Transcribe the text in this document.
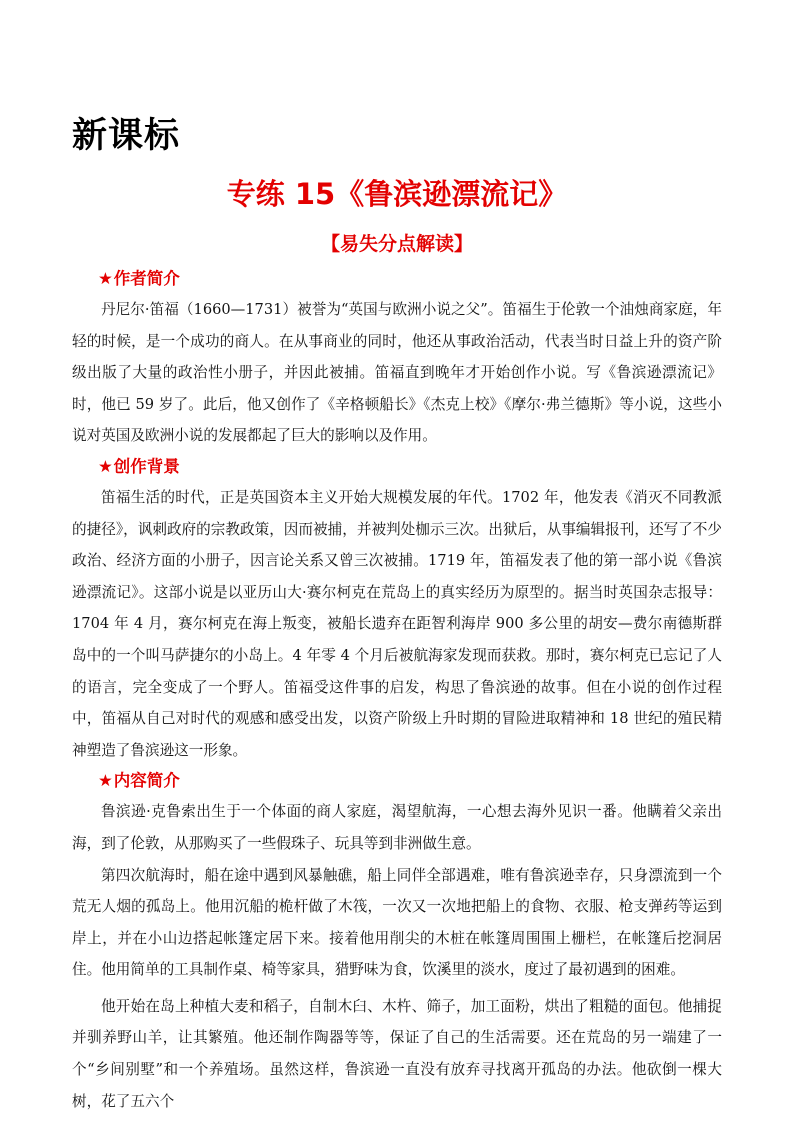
新课标
专练 15《鲁滨逊漂流记》
【易失分点解读】
★作者简介

丹尼尔·笛福（1660—1731）被誉为“英国与欧洲小说之父”。笛福生于伦敦一个油烛商家庭，年轻的时候，是一个成功的商人。在从事商业的同时，他还从事政治活动，代表当时日益上升的资产阶级出版了大量的政治性小册子，并因此被捕。笛福直到晚年才开始创作小说。写《鲁滨逊漂流记》时，他已 59 岁了。此后，他又创作了《辛格顿船长》《杰克上校》《摩尔·弗兰德斯》等小说，这些小说对英国及欧洲小说的发展都起了巨大的影响以及作用。

★创作背景

笛福生活的时代，正是英国资本主义开始大规模发展的年代。1702 年，他发表《消灭不同教派的捷径》，讽刺政府的宗教政策，因而被捕，并被判处枷示三次。出狱后，从事编辑报刊，还写了不少政治、经济方面的小册子，因言论关系又曾三次被捕。1719 年，笛福发表了他的第一部小说《鲁滨逊漂流记》。这部小说是以亚历山大·赛尔柯克在荒岛上的真实经历为原型的。据当时英国杂志报导：1704 年 4 月，赛尔柯克在海上叛变，被船长遗弃在距智利海岸 900 多公里的胡安—费尔南德斯群岛中的一个叫马萨捷尔的小岛上。4 年零 4 个月后被航海家发现而获救。那时，赛尔柯克已忘记了人的语言，完全变成了一个野人。笛福受这件事的启发，构思了鲁滨逊的故事。但在小说的创作过程中，笛福从自己对时代的观感和感受出发，以资产阶级上升时期的冒险进取精神和 18 世纪的殖民精神塑造了鲁滨逊这一形象。

★内容简介

鲁滨逊·克鲁索出生于一个体面的商人家庭，渴望航海，一心想去海外见识一番。他瞒着父亲出海，到了伦敦，从那购买了一些假珠子、玩具等到非洲做生意。

第四次航海时，船在途中遇到风暴触礁，船上同伴全部遇难，唯有鲁滨逊幸存，只身漂流到一个荒无人烟的孤岛上。他用沉船的桅杆做了木筏，一次又一次地把船上的食物、衣服、枪支弹药等运到岸上，并在小山边搭起帐篷定居下来。接着他用削尖的木桩在帐篷周围围上栅栏，在帐篷后挖洞居住。他用简单的工具制作桌、椅等家具，猎野味为食，饮溪里的淡水，度过了最初遇到的困难。

他开始在岛上种植大麦和稻子，自制木臼、木杵、筛子，加工面粉，烘出了粗糙的面包。他捕捉并驯养野山羊，让其繁殖。他还制作陶器等等，保证了自己的生活需要。还在荒岛的另一端建了一个“乡间别墅”和一个养殖场。虽然这样，鲁滨逊一直没有放弃寻找离开孤岛的办法。他砍倒一棵大树，花了五六个
